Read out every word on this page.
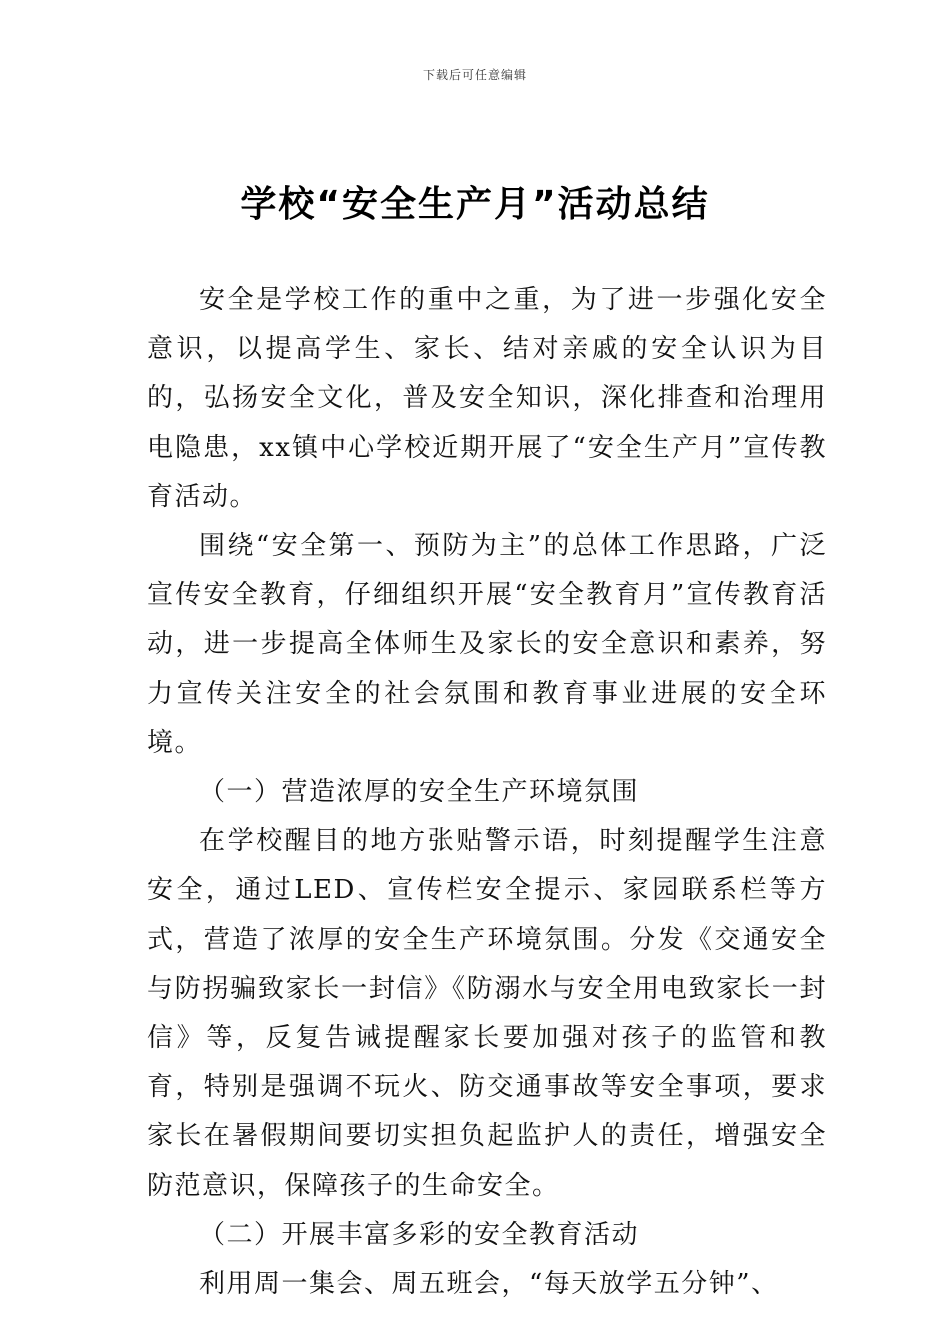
下载后可任意编辑
学校“安全生产月”活动总结

安全是学校工作的重中之重，为了进一步强化安全意识，以提高学生、家长、结对亲戚的安全认识为目的，弘扬安全文化，普及安全知识，深化排查和治理用电隐患，xx镇中心学校近期开展了“安全生产月”宣传教育活动。

围绕“安全第一、预防为主”的总体工作思路，广泛宣传安全教育，仔细组织开展“安全教育月”宣传教育活动，进一步提高全体师生及家长的安全意识和素养，努力宣传关注安全的社会氛围和教育事业进展的安全环境。

（一）营造浓厚的安全生产环境氛围

在学校醒目的地方张贴警示语，时刻提醒学生注意安全，通过LED、宣传栏安全提示、家园联系栏等方式，营造了浓厚的安全生产环境氛围。分发《交通安全与防拐骗致家长一封信》《防溺水与安全用电致家长一封信》等，反复告诫提醒家长要加强对孩子的监管和教育，特别是强调不玩火、防交通事故等安全事项，要求家长在暑假期间要切实担负起监护人的责任，增强安全防范意识，保障孩子的生命安全。

（二）开展丰富多彩的安全教育活动

利用周一集会、周五班会，“每天放学五分钟”、
